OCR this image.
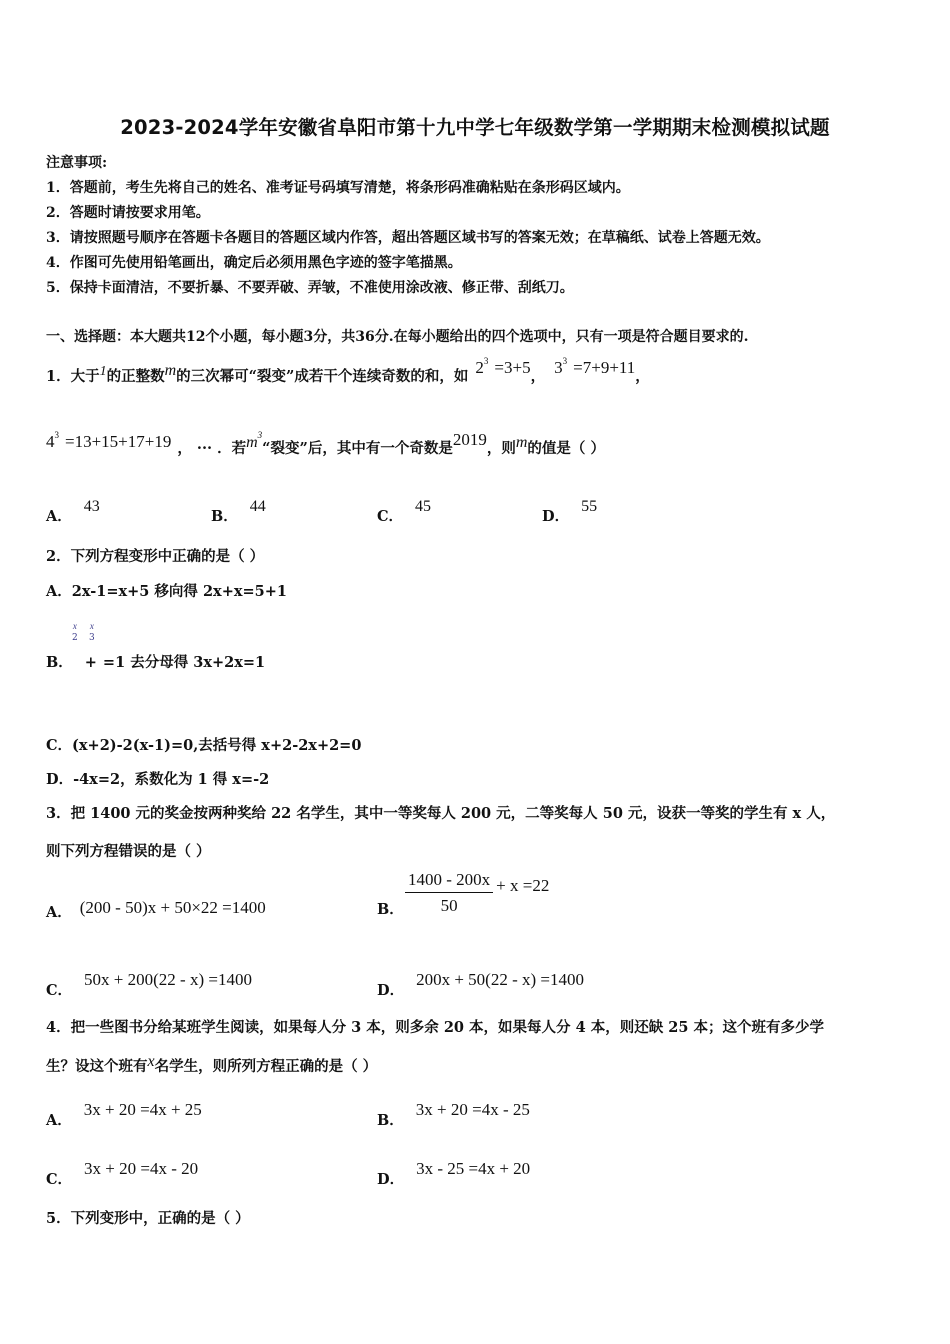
2023-2024学年安徽省阜阳市第十九中学七年级数学第一学期期末检测模拟试题
注意事项:
1．答题前，考生先将自己的姓名、准考证号码填写清楚，将条形码准确粘贴在条形码区域内。
2．答题时请按要求用笔。
3．请按照题号顺序在答题卡各题目的答题区域内作答，超出答题区域书写的答案无效；在草稿纸、试卷上答题无效。
4．作图可先使用铅笔画出，确定后必须用黑色字迹的签字笔描黑。
5．保持卡面清洁，不要折暴、不要弄破、弄皱，不准使用涂改液、修正带、刮纸刀。
一、选择题：本大题共12个小题，每小题3分，共36分.在每小题给出的四个选项中，只有一项是符合题目要求的.
1．大于1的正整数m的三次幂可“裂变”成若干个连续奇数的和，如 $2^3 =3+5$， $3^3 =7+9+11$，
$4^3 =13+15+17+19$ ， ··· ．若$m^3“$裂变”后，其中有一个奇数是2019，则m的值是（ ）
A．43
B．44
C．45
D．55
2．下列方程变形中正确的是（ ）
A．2x-1=x+5 移向得 2x+x=5+1
x
2
x
3
B． + =1 去分母得 3x+2x=1
C．(x+2)-2(x-1)=0,去括号得 x+2-2x+2=0
D．-4x=2，系数化为 1 得 x=-2
3．把 1400 元的奖金按两种奖给 22 名学生，其中一等奖每人 200 元，二等奖每人 50 元，设获一等奖的学生有 x 人，
则下列方程错误的是（ ）
A． (200 - 50)x + 50×22 =1400	B． $\frac{1400 - 200x}{50} + x =22$
C．50x + 200(22 - x) =1400
D．200x + 50(22 - x) =1400
4．把一些图书分给某班学生阅读，如果每人分 3 本，则多余 20 本，如果每人分 4 本，则还缺 25 本；这个班有多少学
生？设这个班有x名学生，则所列方程正确的是（ ）
A．3x + 20 =4x + 25
B．3x + 20 =4x - 25
C．3x + 20 =4x - 20
D．3x - 25 =4x + 20
5．下列变形中，正确的是（ ）
